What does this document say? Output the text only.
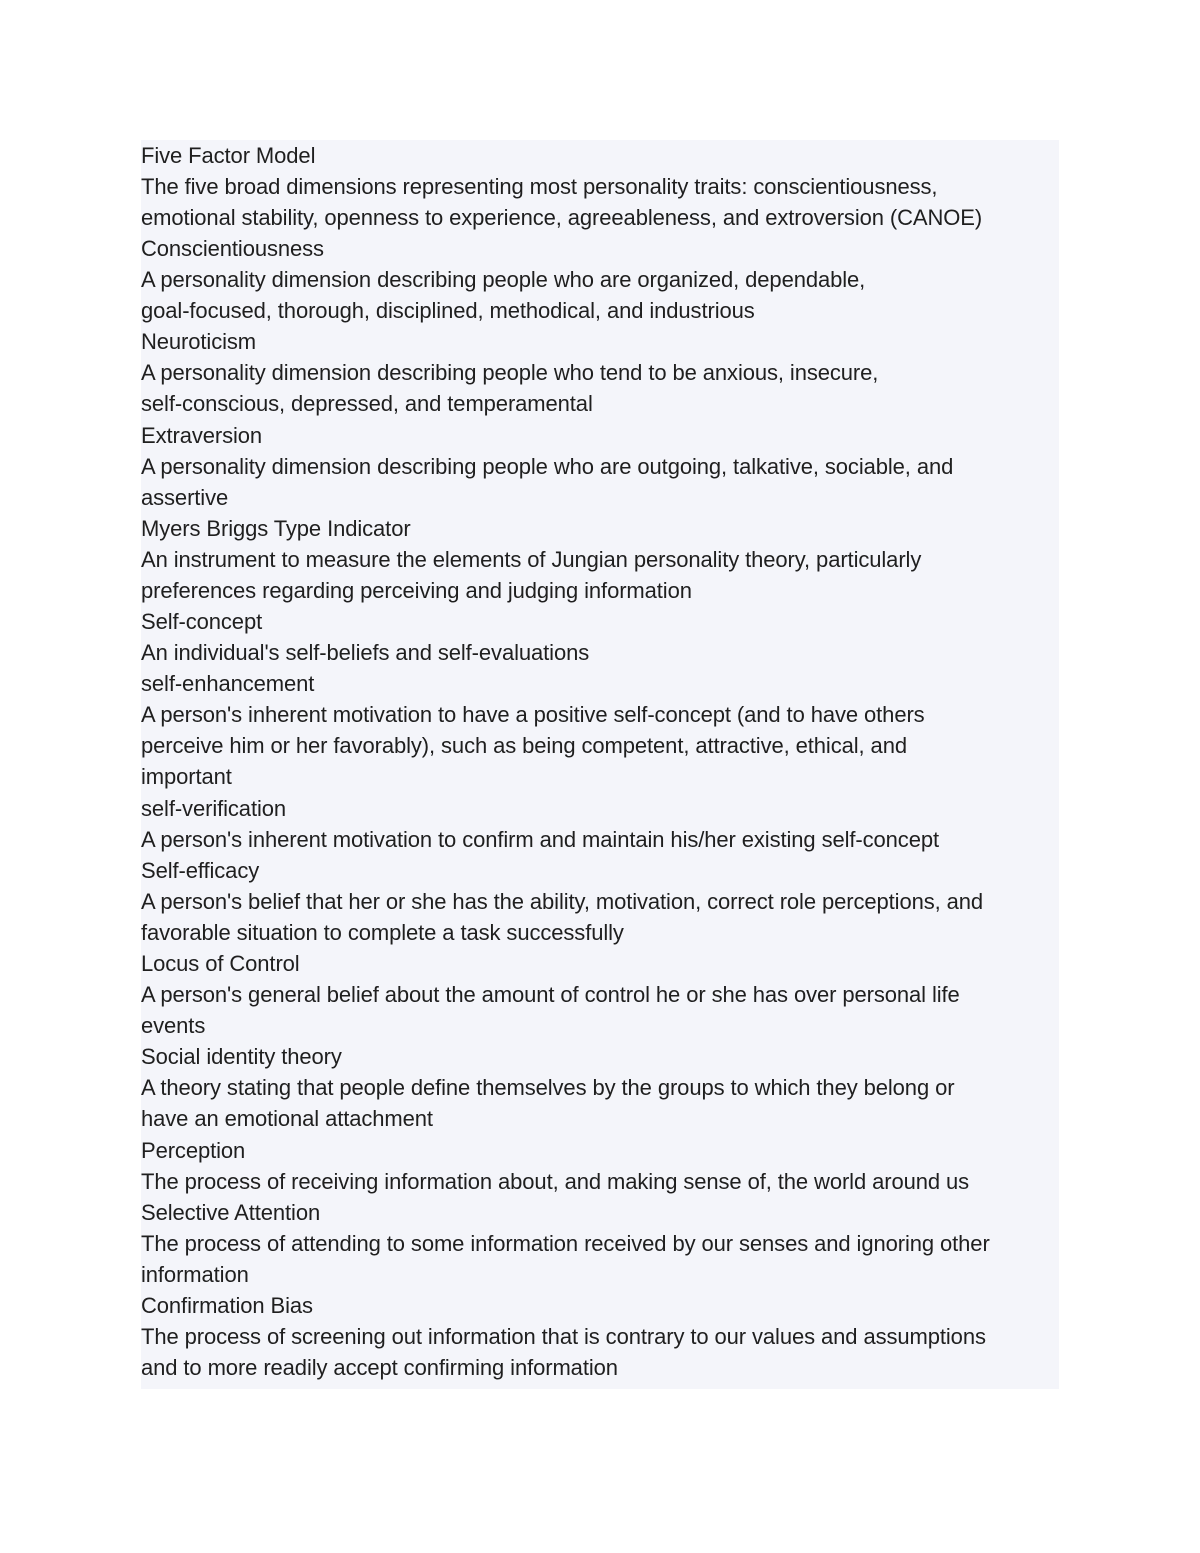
Five Factor Model
The five broad dimensions representing most personality traits: conscientiousness,
emotional stability, openness to experience, agreeableness, and extroversion (CANOE)
Conscientiousness
A personality dimension describing people who are organized, dependable,
goal-focused, thorough, disciplined, methodical, and industrious
Neuroticism
A personality dimension describing people who tend to be anxious, insecure,
self-conscious, depressed, and temperamental
Extraversion
A personality dimension describing people who are outgoing, talkative, sociable, and
assertive
Myers Briggs Type Indicator
An instrument to measure the elements of Jungian personality theory, particularly
preferences regarding perceiving and judging information
Self-concept
An individual's self-beliefs and self-evaluations
self-enhancement
A person's inherent motivation to have a positive self-concept (and to have others
perceive him or her favorably), such as being competent, attractive, ethical, and
important
self-verification
A person's inherent motivation to confirm and maintain his/her existing self-concept
Self-efficacy
A person's belief that her or she has the ability, motivation, correct role perceptions, and
favorable situation to complete a task successfully
Locus of Control
A person's general belief about the amount of control he or she has over personal life
events
Social identity theory
A theory stating that people define themselves by the groups to which they belong or
have an emotional attachment
Perception
The process of receiving information about, and making sense of, the world around us
Selective Attention
The process of attending to some information received by our senses and ignoring other
information
Confirmation Bias
The process of screening out information that is contrary to our values and assumptions
and to more readily accept confirming information
